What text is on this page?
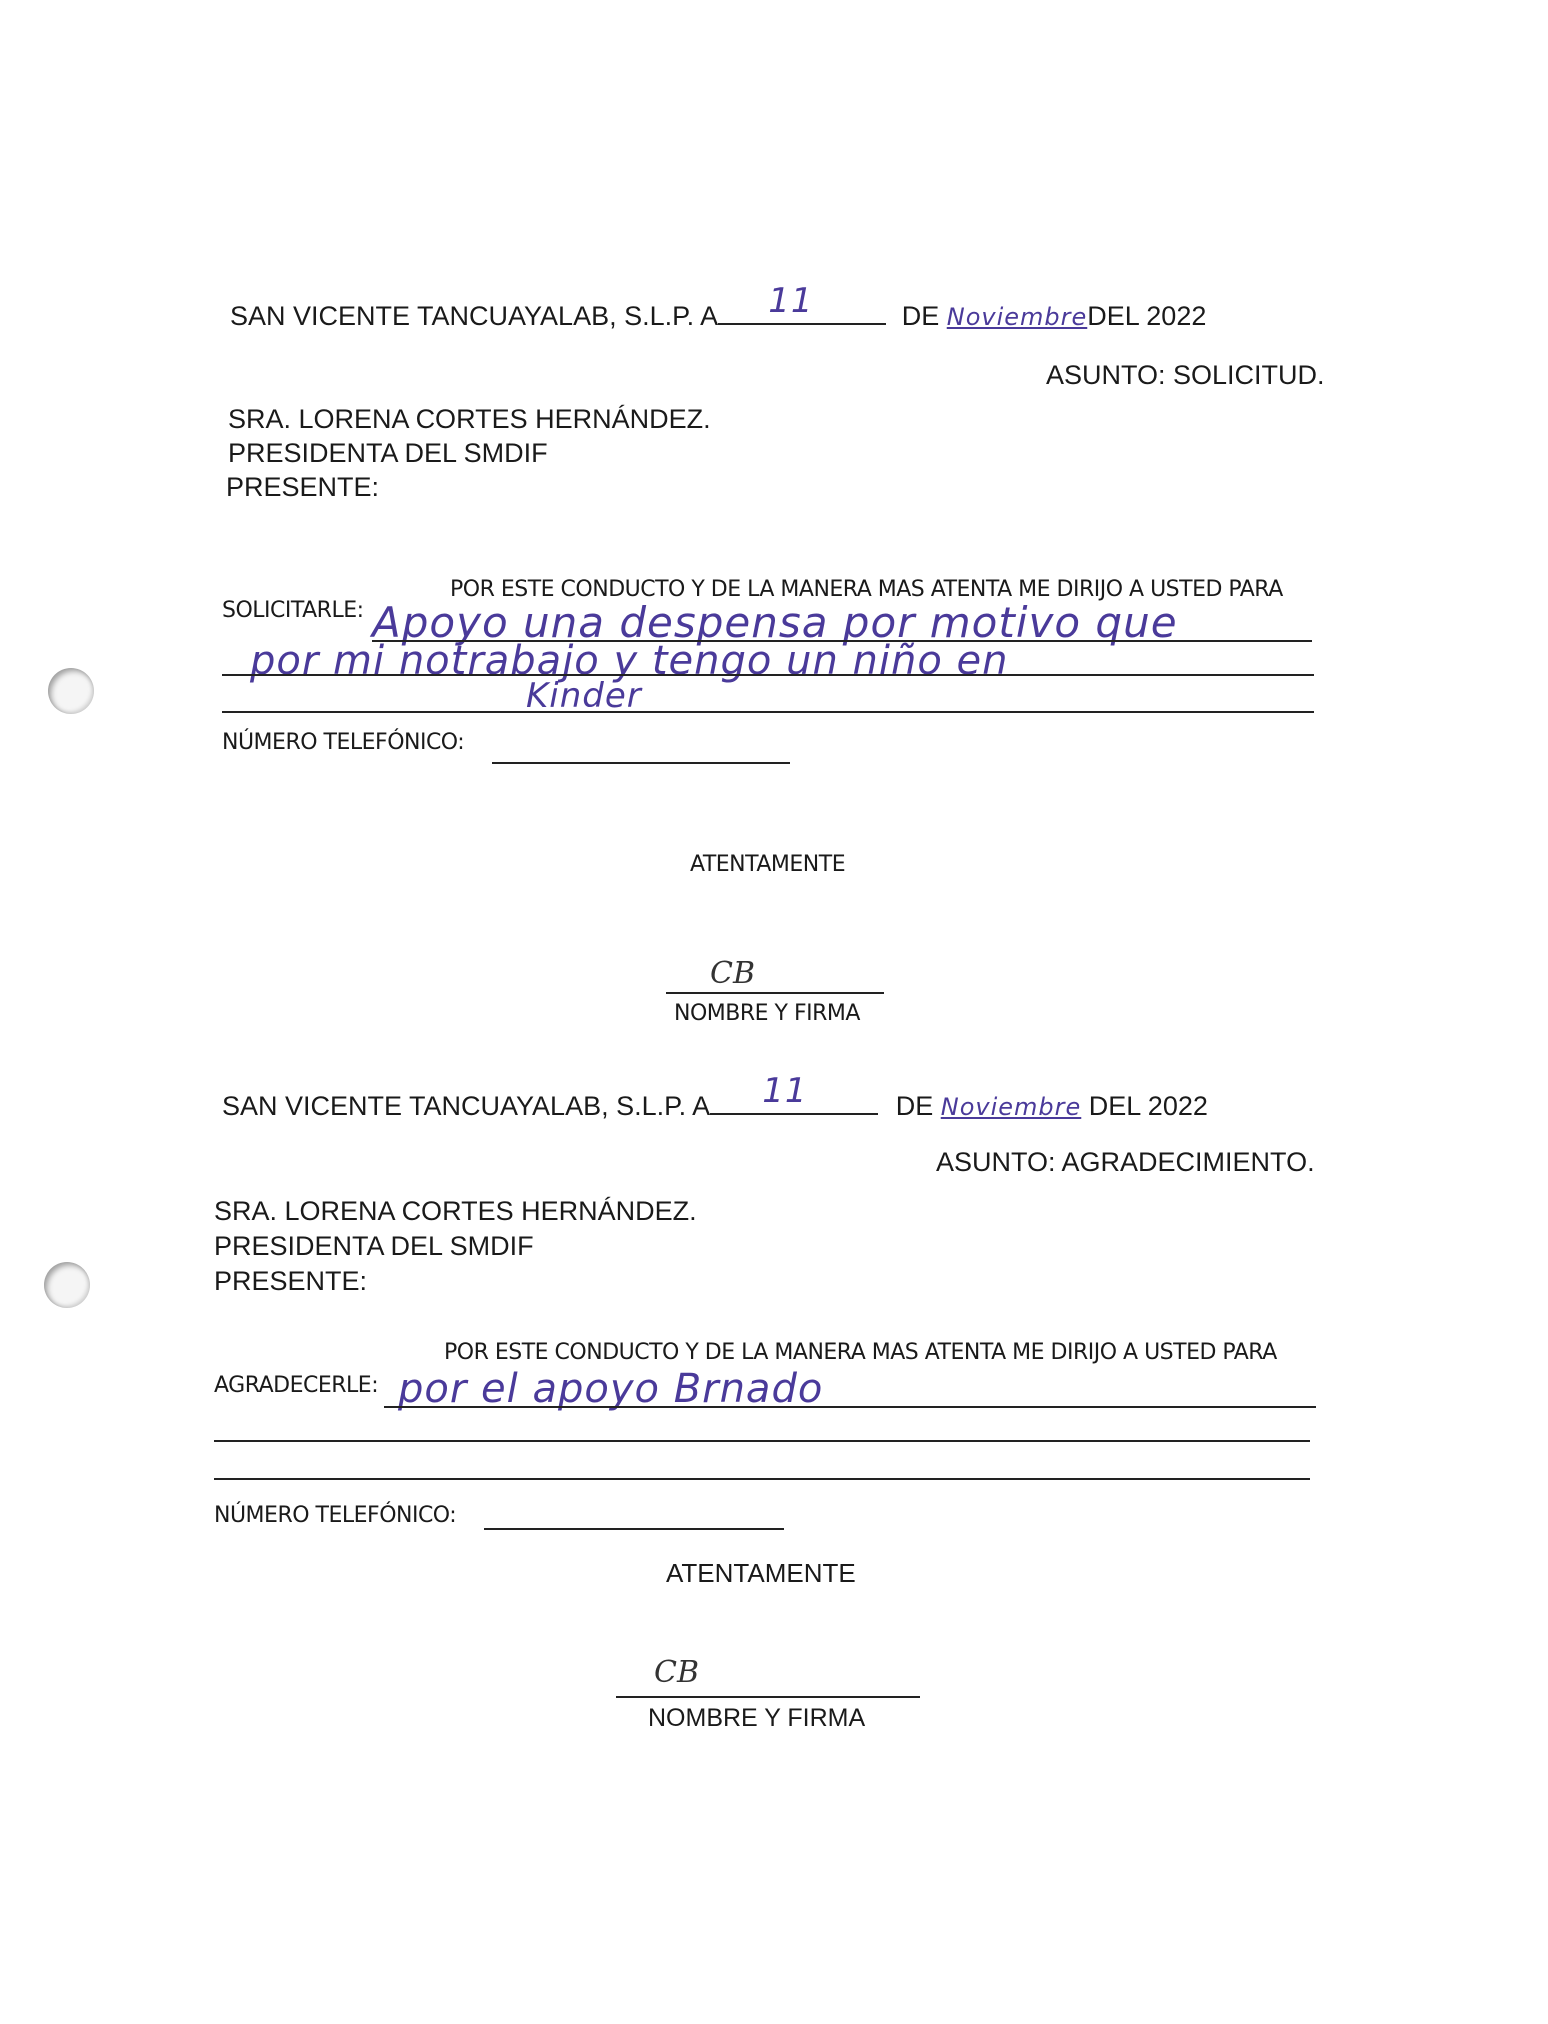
SAN VICENTE TANCUAYALAB, S.L.P. A 11	DE NoviembreDEL 2022
ASUNTO: SOLICITUD.
SRA. LORENA CORTES HERNÁNDEZ.
PRESIDENTA DEL SMDIF
PRESENTE:
POR ESTE CONDUCTO Y DE LA MANERA MAS ATENTA ME DIRIJO A USTED PARA
SOLICITARLE: Apoyo una despensa por motivo que
por mi notrabajo y tengo un niño en
Kinder
NÚMERO TELEFÓNICO:
ATENTAMENTE
CB
NOMBRE Y FIRMA
SAN VICENTE TANCUAYALAB, S.L.P. A 11	DE Noviembre DEL 2022
ASUNTO: AGRADECIMIENTO.
SRA. LORENA CORTES HERNÁNDEZ.
PRESIDENTA DEL SMDIF
PRESENTE:
POR ESTE CONDUCTO Y DE LA MANERA MAS ATENTA ME DIRIJO A USTED PARA
AGRADECERLE: por el apoyo Brnado
NÚMERO TELEFÓNICO:
ATENTAMENTE
CB
NOMBRE Y FIRMA
